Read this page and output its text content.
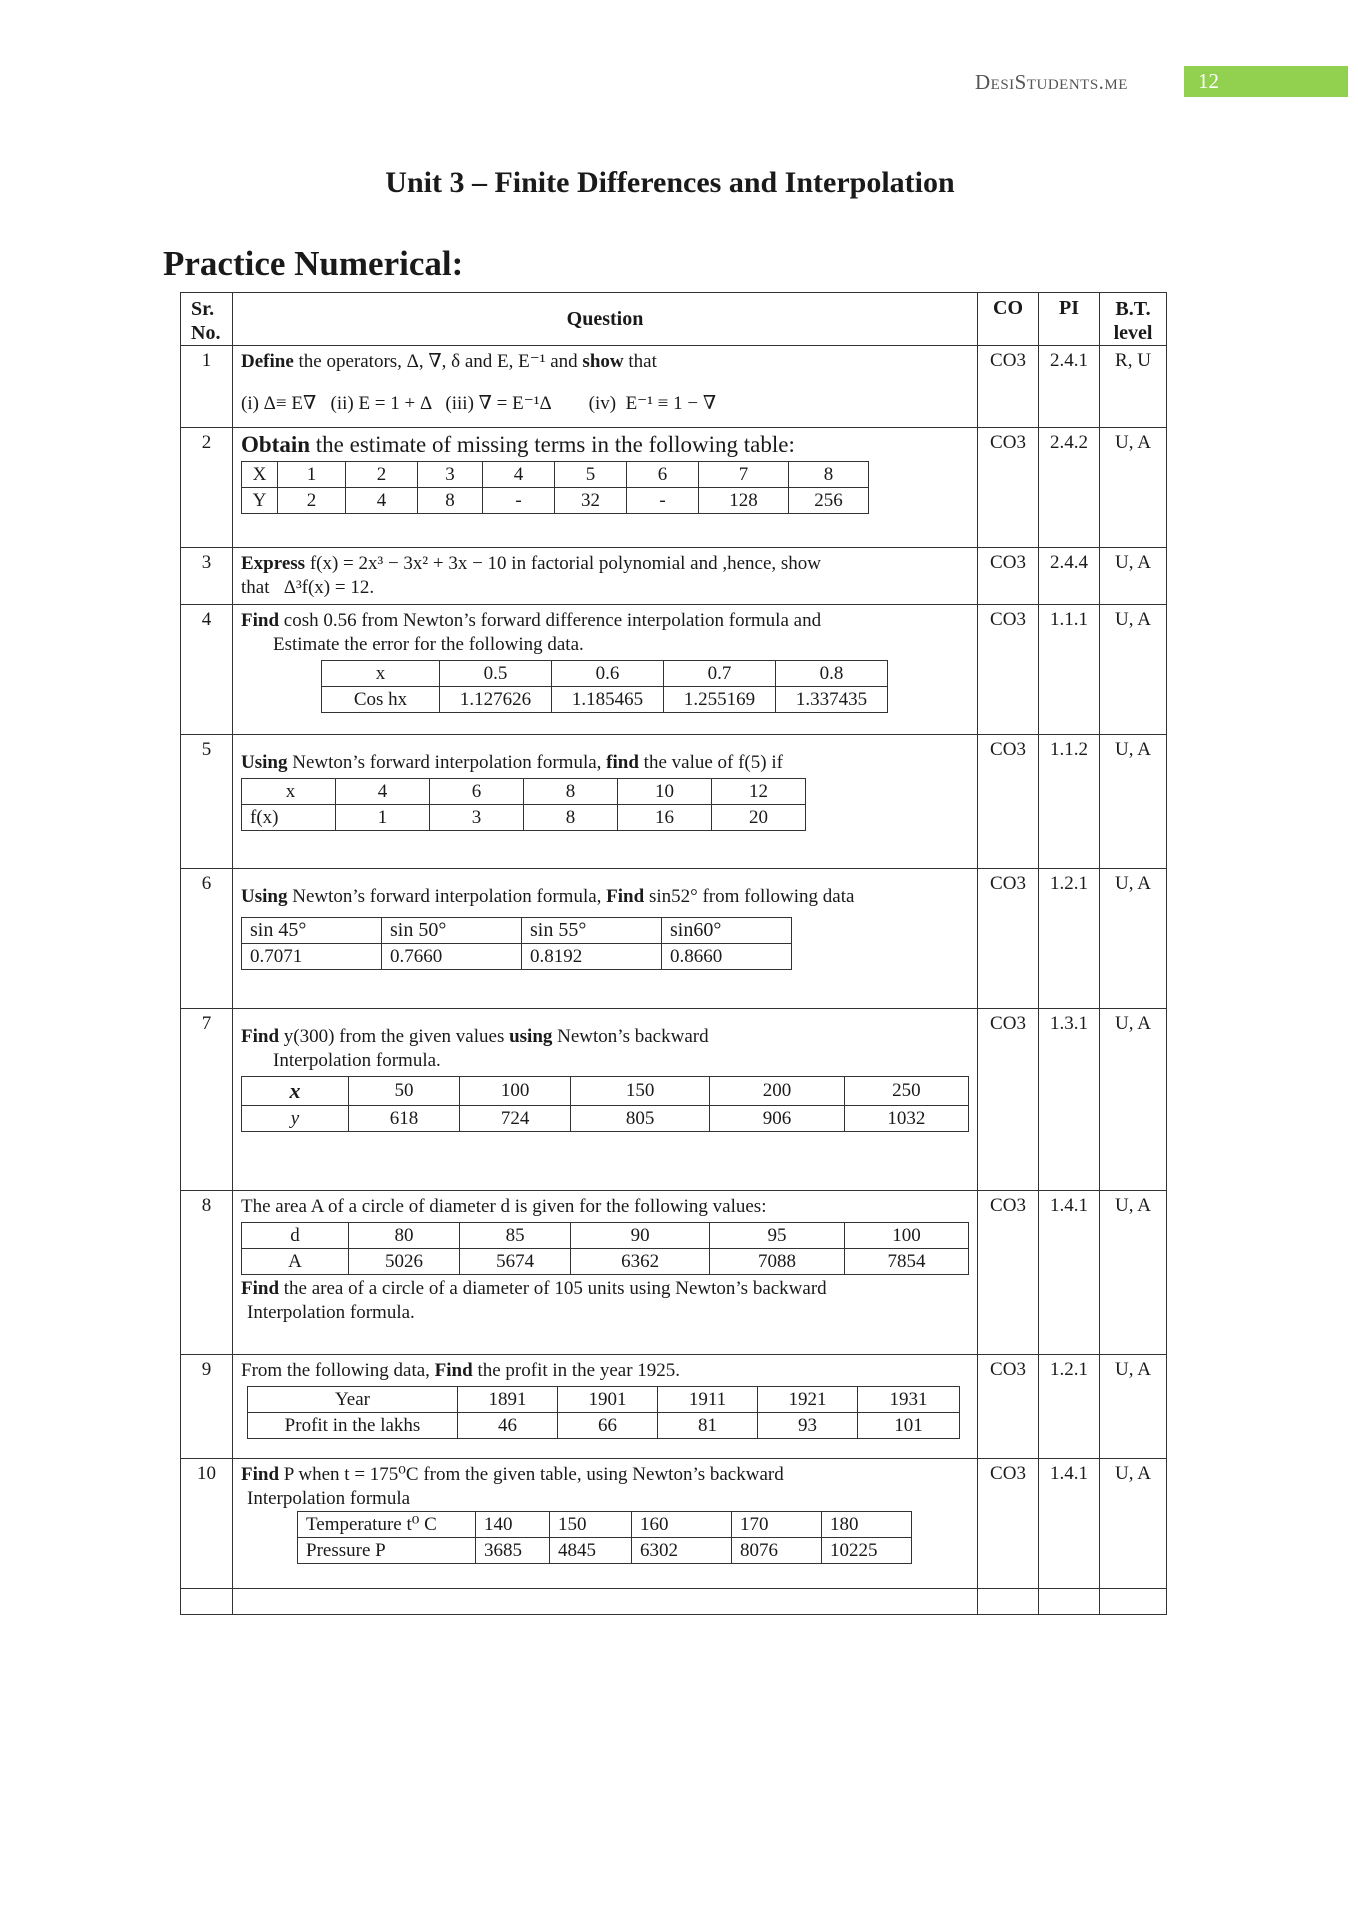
DesiStudents.me	12
Unit 3 – Finite Differences and Interpolation
Practice Numerical:
Sr. No.	Question	CO	PI	B.T. level
1	Define the operators, Δ, ∇, δ and E, E⁻¹ and show that
(i) Δ≡ E∇   (ii) E = 1 + Δ   (iii) ∇ = E⁻¹Δ        (iv)  E⁻¹ ≡ 1 − ∇
	CO3	2.4.1	R, U
2	Obtain the estimate of missing terms in the following table:
X	1	2	3	4	5	6	7	8
Y	2	4	8	-	32	-	128	256
	CO3	2.4.2	U, A
3	Express f(x) = 2x³ − 3x² + 3x − 10 in factorial polynomial and ,hence, show
that   Δ³f(x) = 12.
	CO3	2.4.4	U, A
4	Find cosh 0.56 from Newton’s forward difference interpolation formula and
Estimate the error for the following data.
x	0.5	0.6	0.7	0.8
Cos hx	1.127626	1.185465	1.255169	1.337435
	CO3	1.1.1	U, A
5	
Using Newton’s forward interpolation formula, find the value of f(5) if
x	4	6	8	10	12
f(x)	1	3	8	16	20
	CO3	1.1.2	U, A
6	
Using Newton’s forward interpolation formula, Find sin52° from following data
sin 45°	sin 50°	sin 55°	sin60°
0.7071	0.7660	0.8192	0.8660
	CO3	1.2.1	U, A
7	
Find y(300) from the given values using Newton’s backward
Interpolation formula.
x	50	100	150	200	250
y	618	724	805	906	1032
	CO3	1.3.1	U, A
8	The area A of a circle of diameter d is given for the following values:
d	80	85	90	95	100
A	5026	5674	6362	7088	7854
Find the area of a circle of a diameter of 105 units using Newton’s backward
Interpolation formula.
	CO3	1.4.1	U, A
9	From the following data, Find the profit in the year 1925.
Year	1891	1901	1911	1921	1931
Profit in the lakhs	46	66	81	93	101
	CO3	1.2.1	U, A
10	Find P when t = 175⁰C from the given table, using Newton’s backward
Interpolation formula
Temperature t⁰ C	140	150	160	170	180
Pressure P	3685	4845	6302	8076	10225
	CO3	1.4.1	U, A
